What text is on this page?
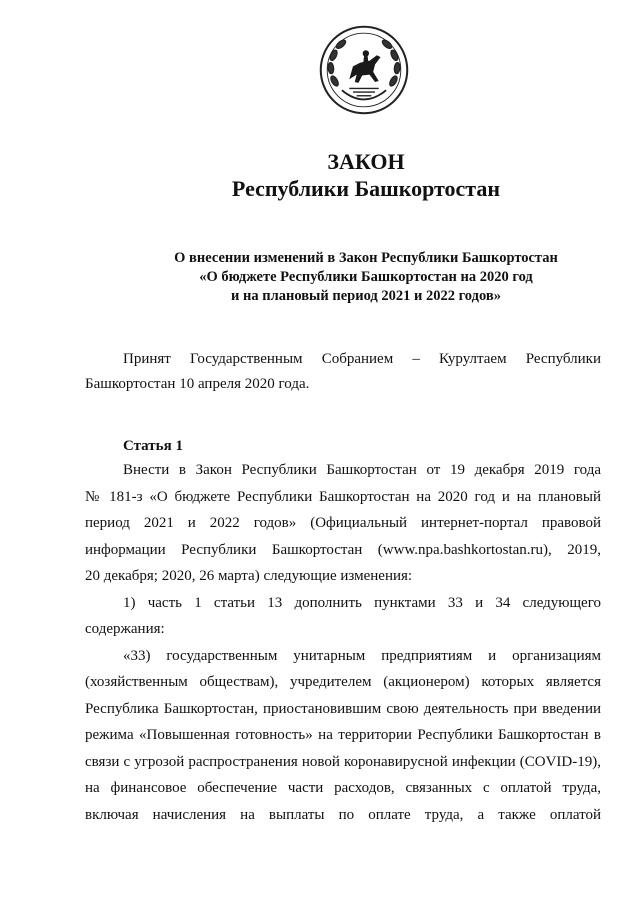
ЗАКОН
Республики Башкортостан
О внесении изменений в Закон Республики Башкортостан
«О бюджете Республики Башкортостан на 2020 год
и на плановый период 2021 и 2022 годов»
Принят Государственным Собранием – Курултаем Республики
Башкортостан 10 апреля 2020 года.
Статья 1
Внести в Закон Республики Башкортостан от 19 декабря 2019 года
№ 181-з «О бюджете Республики Башкортостан на 2020 год и на плановый
период 2021 и 2022 годов» (Официальный интернет-портал правовой
информации Республики Башкортостан (www.npa.bashkortostan.ru), 2019,
20 декабря; 2020, 26 марта) следующие изменения:
1) часть 1 статьи 13 дополнить пунктами 33 и 34 следующего
содержания:
«33) государственным унитарным предприятиям и организациям
(хозяйственным обществам), учредителем (акционером) которых является
Республика Башкортостан, приостановившим свою деятельность при введении
режима «Повышенная готовность» на территории Республики Башкортостан в
связи с угрозой распространения новой коронавирусной инфекции (COVID-19),
на финансовое обеспечение части расходов, связанных с оплатой труда,
включая начисления на выплаты по оплате труда, а также оплатой
